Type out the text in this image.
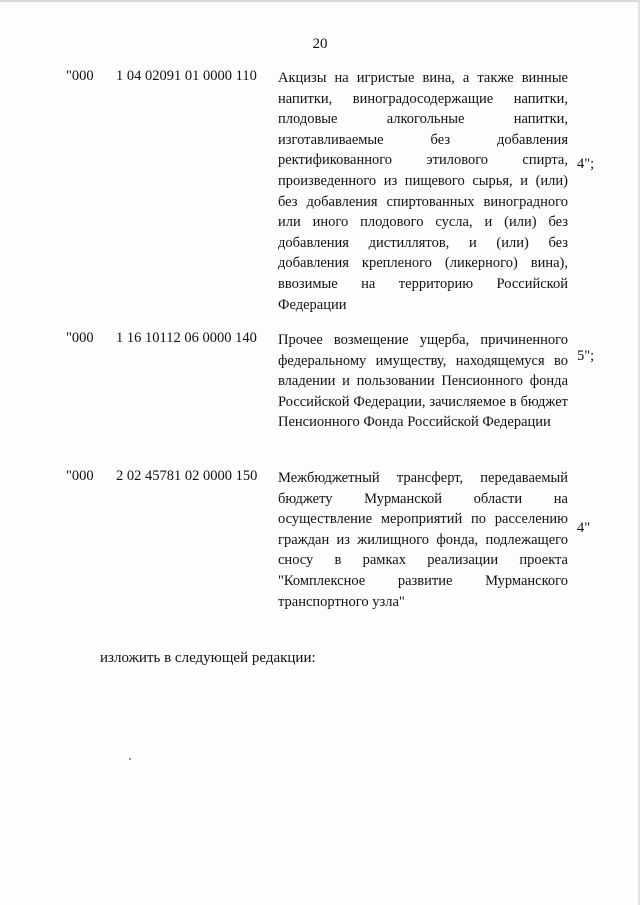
20
"000 1 04 02091 01 0000 110 Акцизы на игристые вина, а также винные напитки, виноградосодержащие напитки, плодовые алкогольные напитки, изготавливаемые без добавления ректификованного этилового спирта, произведенного из пищевого сырья, и (или) без добавления спиртованных виноградного или иного плодового сусла, и (или) без добавления дистиллятов, и (или) без добавления крепленого (ликерного) вина), ввозимые на территорию Российской Федерации
4";
"000 1 16 10112 06 0000 140 Прочее возмещение ущерба, причиненного федеральному имуществу, находящемуся во владении и пользовании Пенсионного фонда Российской Федерации, зачисляемое в бюджет Пенсионного Фонда Российской Федерации
5";
"000 2 02 45781 02 0000 150 Межбюджетный трансферт, передаваемый бюджету Мурманской области на осуществление мероприятий по расселению граждан из жилищного фонда, подлежащего сносу в рамках реализации проекта "Комплексное развитие Мурманского транспортного узла"
4"
изложить в следующей редакции:
